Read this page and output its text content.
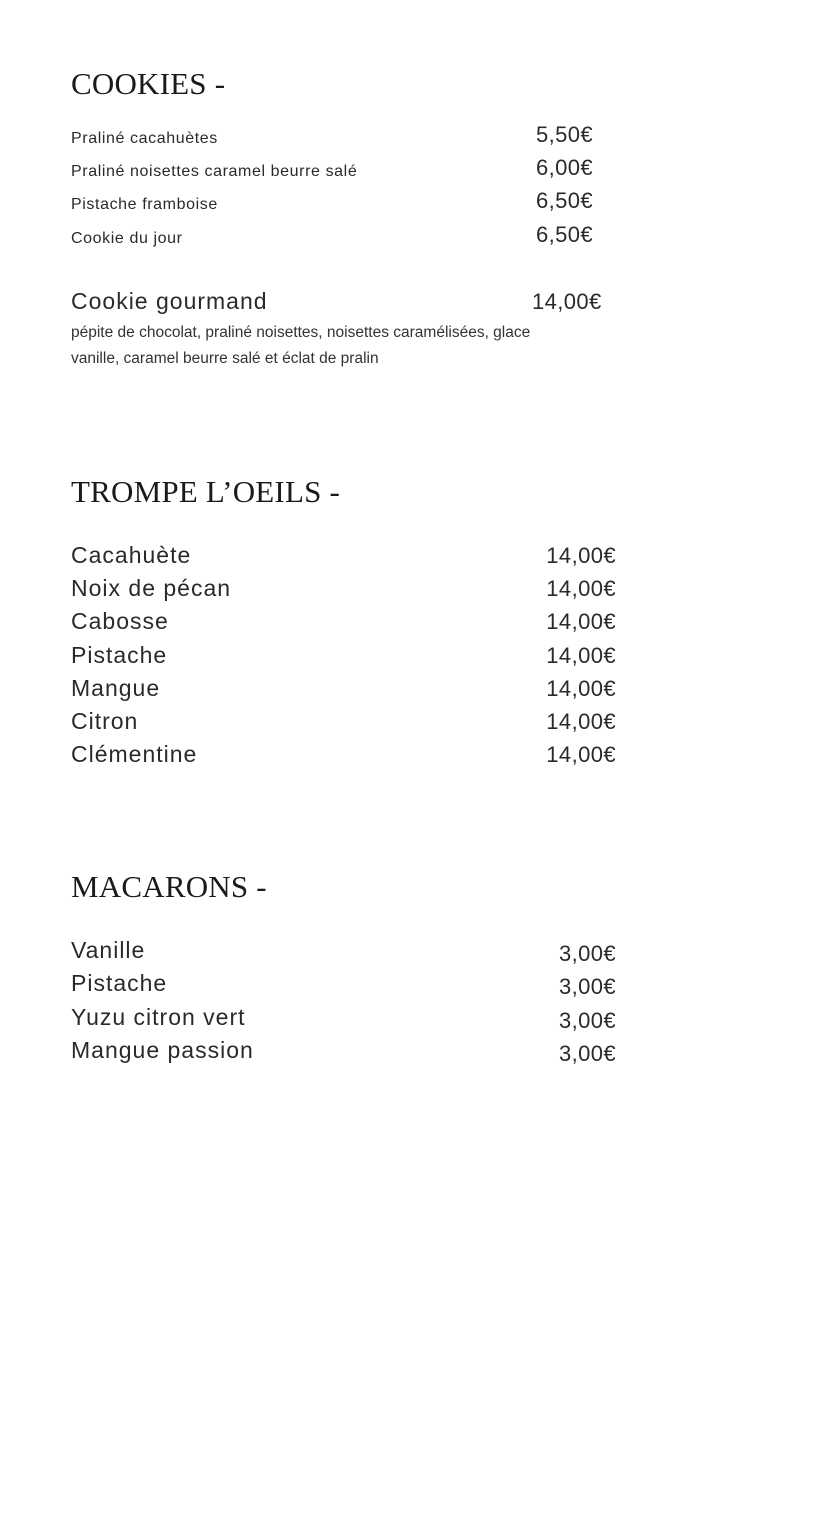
COOKIES -
Praliné cacahuètes	5,50€
Praliné noisettes caramel beurre salé	6,00€
Pistache framboise	6,50€
Cookie du jour	6,50€
Cookie gourmand	14,00€
pépite de chocolat, praliné noisettes, noisettes caramélisées, glace vanille, caramel beurre salé et éclat de pralin
TROMPE L’OEILS -
Cacahuète	14,00€
Noix de pécan	14,00€
Cabosse	14,00€
Pistache	14,00€
Mangue	14,00€
Citron	14,00€
Clémentine	14,00€
MACARONS -
Vanille	3,00€
Pistache	3,00€
Yuzu citron vert	3,00€
Mangue passion	3,00€
